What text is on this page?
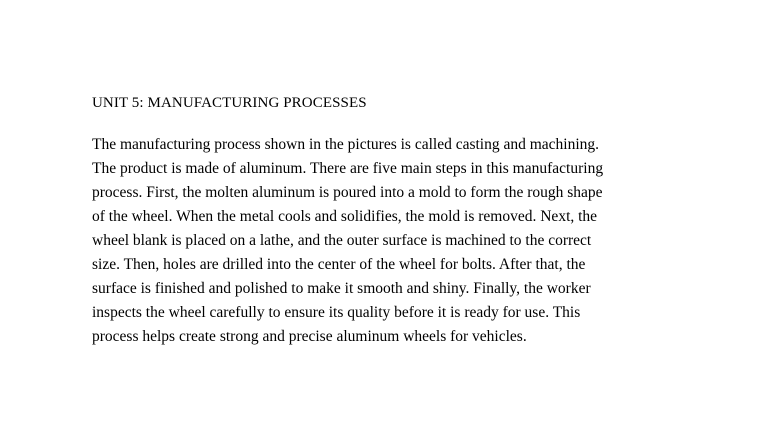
UNIT 5: MANUFACTURING PROCESSES
The manufacturing process shown in the pictures is called casting and machining.
The product is made of aluminum. There are five main steps in this manufacturing
process. First, the molten aluminum is poured into a mold to form the rough shape
of the wheel. When the metal cools and solidifies, the mold is removed. Next, the
wheel blank is placed on a lathe, and the outer surface is machined to the correct
size. Then, holes are drilled into the center of the wheel for bolts. After that, the
surface is finished and polished to make it smooth and shiny. Finally, the worker
inspects the wheel carefully to ensure its quality before it is ready for use. This
process helps create strong and precise aluminum wheels for vehicles.
